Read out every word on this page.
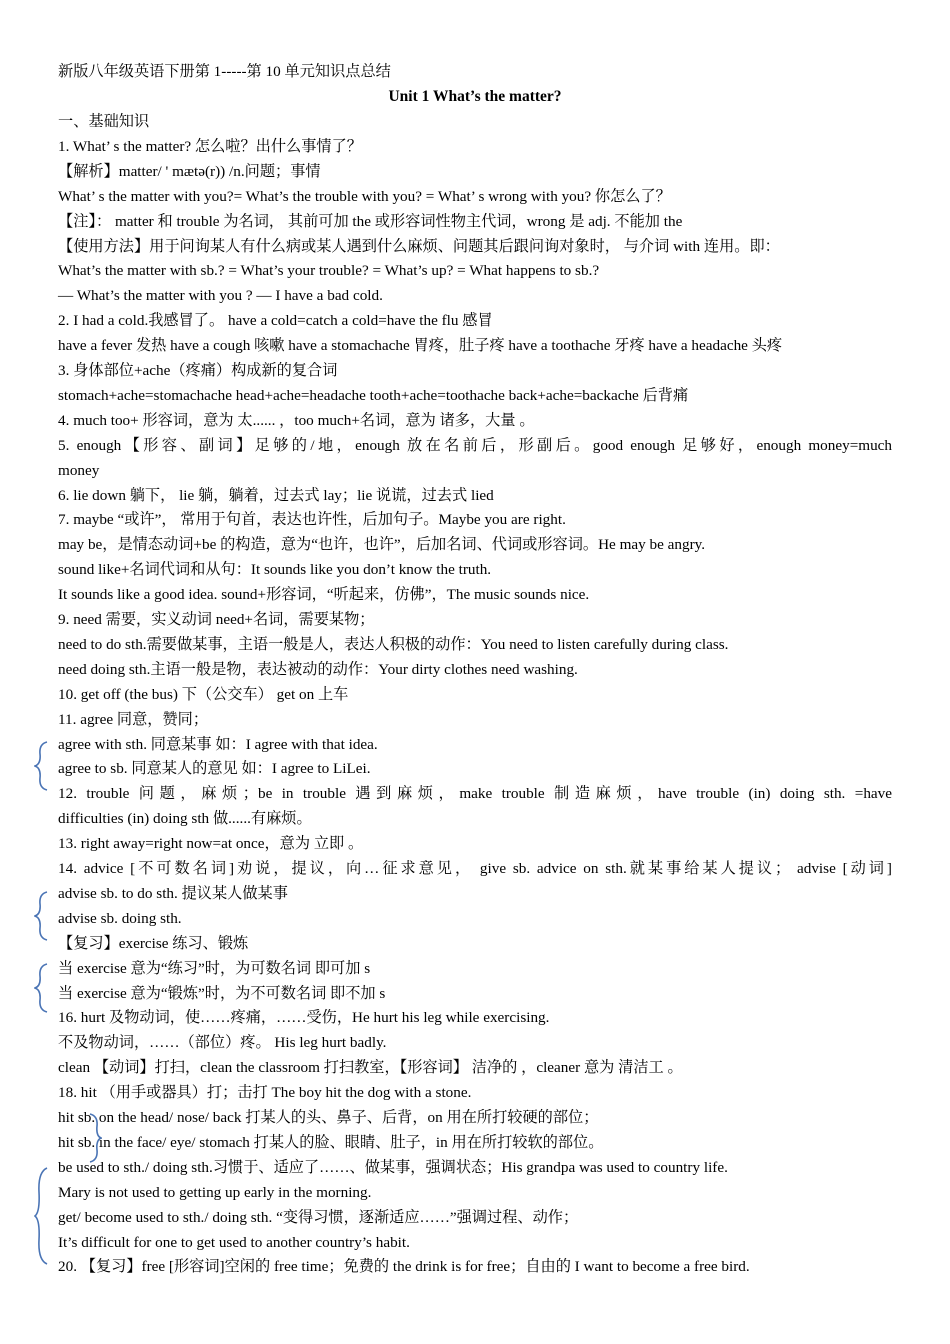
新版八年级英语下册第 1-----第 10 单元知识点总结
Unit 1 What’s the matter?
一、基础知识
1. What’ s the matter? 怎么啦？出什么事情了？
【解析】matter/ ' mætə(r)) /n.问题；事情
What’ s the matter with you?= What’s the trouble with you? = What’ s wrong with you? 你怎么了？
【注】： matter 和 trouble 为名词， 其前可加 the 或形容词性物主代词，wrong 是 adj. 不能加 the
【使用方法】用于问询某人有什么病或某人遇到什么麻烦、问题其后跟问询对象时， 与介词 with 连用。即：
What’s the matter with sb.? = What’s your trouble? = What’s up? = What happens to sb.?
— What’s the matter with you ? — I have a bad cold.
2. I had a cold.我感冒了。 have a cold=catch a cold=have the flu 感冒
have a fever 发热 have a cough 咳嗽 have a stomachache 胃疼，肚子疼 have a toothache 牙疼 have a headache 头疼
3. 身体部位+ache（疼痛）构成新的复合词
stomach+ache=stomachache head+ache=headache tooth+ache=toothache back+ache=backache 后背痛
4. much too+ 形容词，意为 太...... ，too much+名词，意为 诸多，大量 。
5. enough【形容、副词】足够的/地，enough 放在名前后，形副后。good enough 足够好，enough money=much
money
6. lie down 躺下， lie 躺，躺着，过去式 lay；lie 说谎，过去式 lied
7. maybe “或许”， 常用于句首，表达也许性，后加句子。Maybe you are right.
may be，是情态动词+be 的构造，意为“也许，也许”，后加名词、代词或形容词。He may be angry.
sound like+名词代词和从句：It sounds like you don’t know the truth.
It sounds like a good idea. sound+形容词，“听起来，仿佛”，The music sounds nice.
9. need 需要，实义动词 need+名词，需要某物；
need to do sth.需要做某事，主语一般是人，表达人积极的动作：You need to listen carefully during class.
need doing sth.主语一般是物，表达被动的动作：Your dirty clothes need washing.
10. get off (the bus) 下（公交车） get on 上车
11. agree 同意，赞同；
agree with sth. 同意某事 如：I agree with that idea.
agree to sb. 同意某人的意见 如：I agree to LiLei.
12. trouble 问题，麻烦；be in trouble 遇到麻烦，make trouble 制造麻烦，have trouble (in) doing sth. =have
difficulties (in) doing sth 做......有麻烦。
13. right away=right now=at once，意为 立即 。
14. advice [不可数名词]劝说，提议，向…征求意见， give sb. advice on sth.就某事给某人提议； advise [动词]
advise sb. to do sth. 提议某人做某事
advise sb. doing sth.
【复习】exercise 练习、锻炼
当 exercise 意为“练习”时，为可数名词 即可加 s
当 exercise 意为“锻炼”时，为不可数名词 即不加 s
16. hurt 及物动词，使……疼痛，……受伤，He hurt his leg while exercising.
不及物动词，……（部位）疼。 His leg hurt badly.
clean 【动词】打扫，clean the classroom 打扫教室，【形容词】 洁净的 ，cleaner 意为 清洁工 。
18. hit （用手或器具）打；击打 The boy hit the dog with a stone.
hit sb. on the head/ nose/ back 打某人的头、鼻子、后背，on 用在所打较硬的部位；
hit sb. in the face/ eye/ stomach 打某人的脸、眼睛、肚子，in 用在所打较软的部位。
be used to sth./ doing sth.习惯于、适应了……、做某事，强调状态；His grandpa was used to country life.
Mary is not used to getting up early in the morning.
get/ become used to sth./ doing sth. “变得习惯，逐渐适应……”强调过程、动作；
It’s difficult for one to get used to another country’s habit.
20. 【复习】free [形容词]空闲的 free time；免费的 the drink is for free；自由的 I want to become a free bird.
